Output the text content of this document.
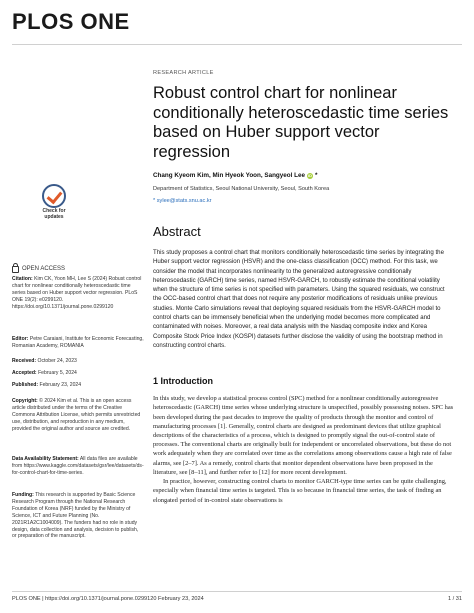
PLOS ONE
Check for updates
OPEN ACCESS
Citation: Kim CK, Yoon MH, Lee S (2024) Robust control chart for nonlinear conditionally heteroscedastic time series based on Huber support vector regression. PLoS ONE 19(2): e0299120. https://doi.org/10.1371/journal.pone.0299120
Editor: Petre Caraiani, Institute for Economic Forecasting, Romanian Academy, ROMANIA
Received: October 24, 2023
Accepted: February 5, 2024
Published: February 23, 2024
Copyright: © 2024 Kim et al. This is an open access article distributed under the terms of the Creative Commons Attribution License, which permits unrestricted use, distribution, and reproduction in any medium, provided the original author and source are credited.
Data Availability Statement: All data files are available from https://www.kaggle.com/datasets/gsr/lee/datasets/ds-for-control-chart-for-time-series.
Funding: This research is supported by Basic Science Research Program through the National Research Foundation of Korea (NRF) funded by the Ministry of Science, ICT and Future Planning (No. 2021R1A2C1004009). The funders had no role in study design, data collection and analysis, decision to publish, or preparation of the manuscript.

RESEARCH ARTICLE

Robust control chart for nonlinear conditionally heteroscedastic time series based on Huber support vector regression
Chang Kyeom Kim, Min Hyeok Yoon, Sangyeol Lee iD *
Department of Statistics, Seoul National University, Seoul, South Korea
* sylee@stats.snu.ac.kr
Abstract
This study proposes a control chart that monitors conditionally heteroscedastic time series by integrating the Huber support vector regression (HSVR) and the one-class classification (OCC) method. For this task, we consider the model that incorporates nonlinearity to the generalized autoregressive conditionally heteroscedastic (GARCH) time series, named HSVR-GARCH, to robustly estimate the conditional volatility when the structure of time series is not specified with parameters. Using the squared residuals, we construct the OCC-based control chart that does not require any posterior modifications of residuals unlike previous studies. Monte Carlo simulations reveal that deploying squared residuals from the HSVR-GARCH model to control charts can be immensely beneficial when the underlying model becomes more complicated and contaminated with noises. Moreover, a real data analysis with the Nasdaq composite index and Korea Composite Stock Price Index (KOSPI) datasets further disclose the validity of using the bootstrap method in constructing control charts.
1 Introduction

In this study, we develop a statistical process control (SPC) method for a nonlinear conditionally autoregressive heteroscedastic (GARCH) time series whose underlying structure is unspecified, possibly possessing noises. SPC has been developed during the past decades to improve the quality of products through the monitor and control of manufacturing processes [1]. Generally, control charts are designed as predominant devices that utilize graphical descriptions of the characteristics of a process, which is designed to promptly signal the out-of-control state of processes. The conventional charts are originally built for independent or uncorrelated observations, but these do not work adequately when they are correlated over time as the correlations among observations cause a high rate of false alarms, see [2–7]. As a remedy, control charts that monitor dependent observations have been proposed in the literature, see [8–11], and further refer to [12] for more recent development.

In practice, however, constructing control charts to monitor GARCH-type time series can be quite challenging, especially when financial time series is targeted. This is so because in financial time series, the task of finding an elongated period of in-control state observations is

PLOS ONE | https://doi.org/10.1371/journal.pone.0299120 February 23, 2024	1 / 31
